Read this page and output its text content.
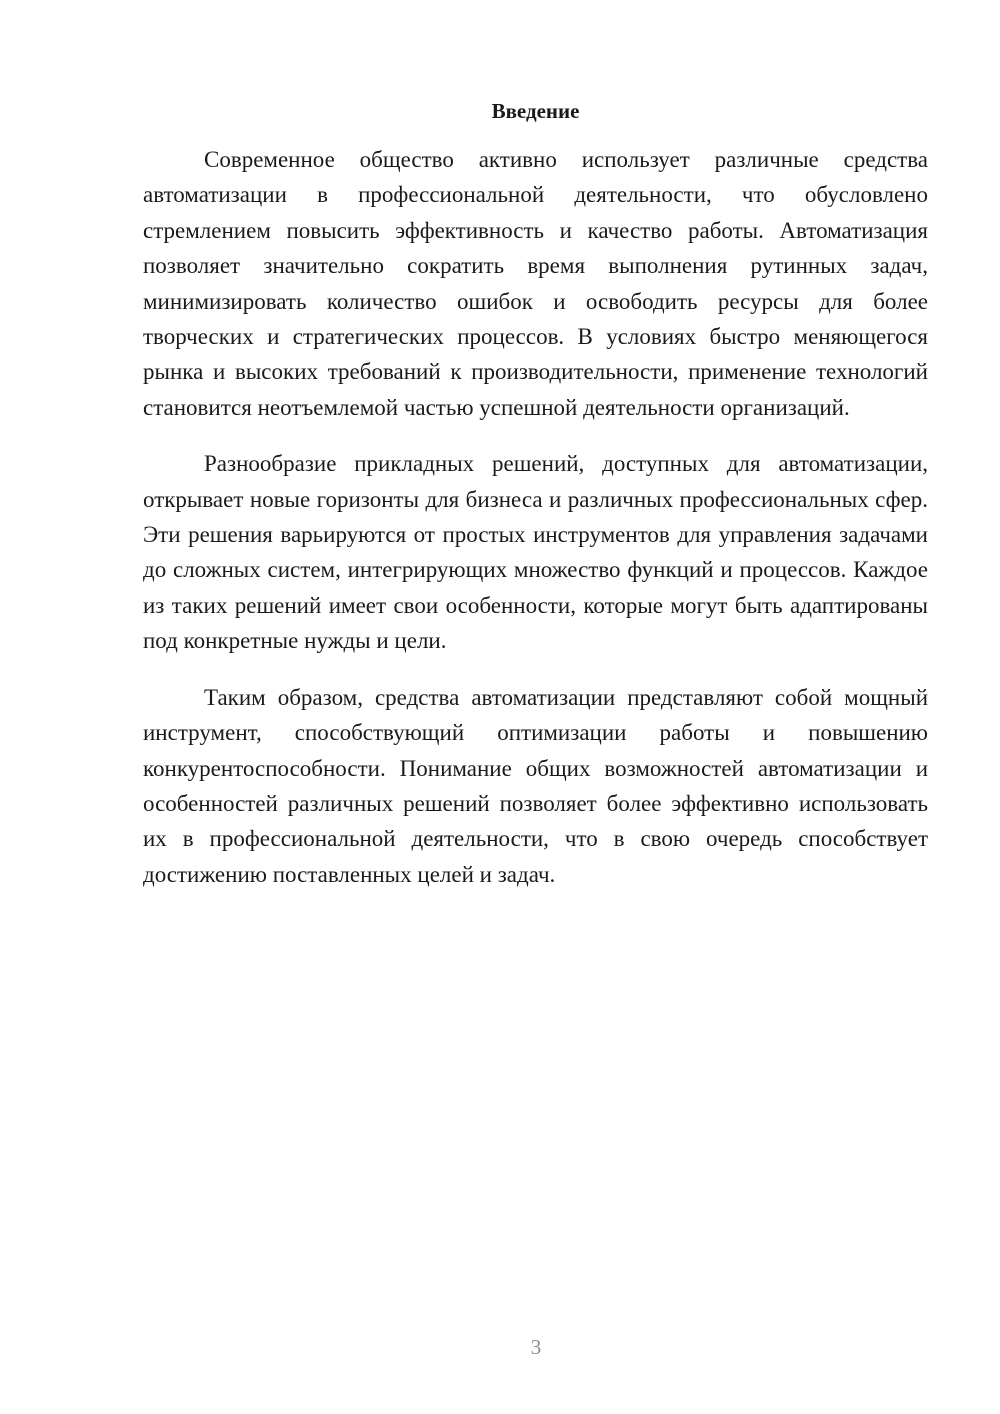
Введение

Современное общество активно использует различные средства автоматизации в профессиональной деятельности, что обусловлено стремлением повысить эффективность и качество работы. Автоматизация позволяет значительно сократить время выполнения рутинных задач, минимизировать количество ошибок и освободить ресурсы для более творческих и стратегических процессов. В условиях быстро меняющегося рынка и высоких требований к производительности, применение технологий становится неотъемлемой частью успешной деятельности организаций.

Разнообразие прикладных решений, доступных для автоматизации, открывает новые горизонты для бизнеса и различных профессиональных сфер. Эти решения варьируются от простых инструментов для управления задачами до сложных систем, интегрирующих множество функций и процессов. Каждое из таких решений имеет свои особенности, которые могут быть адаптированы под конкретные нужды и цели.

Таким образом, средства автоматизации представляют собой мощный инструмент, способствующий оптимизации работы и повышению конкурентоспособности. Понимание общих возможностей автоматизации и особенностей различных решений позволяет более эффективно использовать их в профессиональной деятельности, что в свою очередь способствует достижению поставленных целей и задач.

3
